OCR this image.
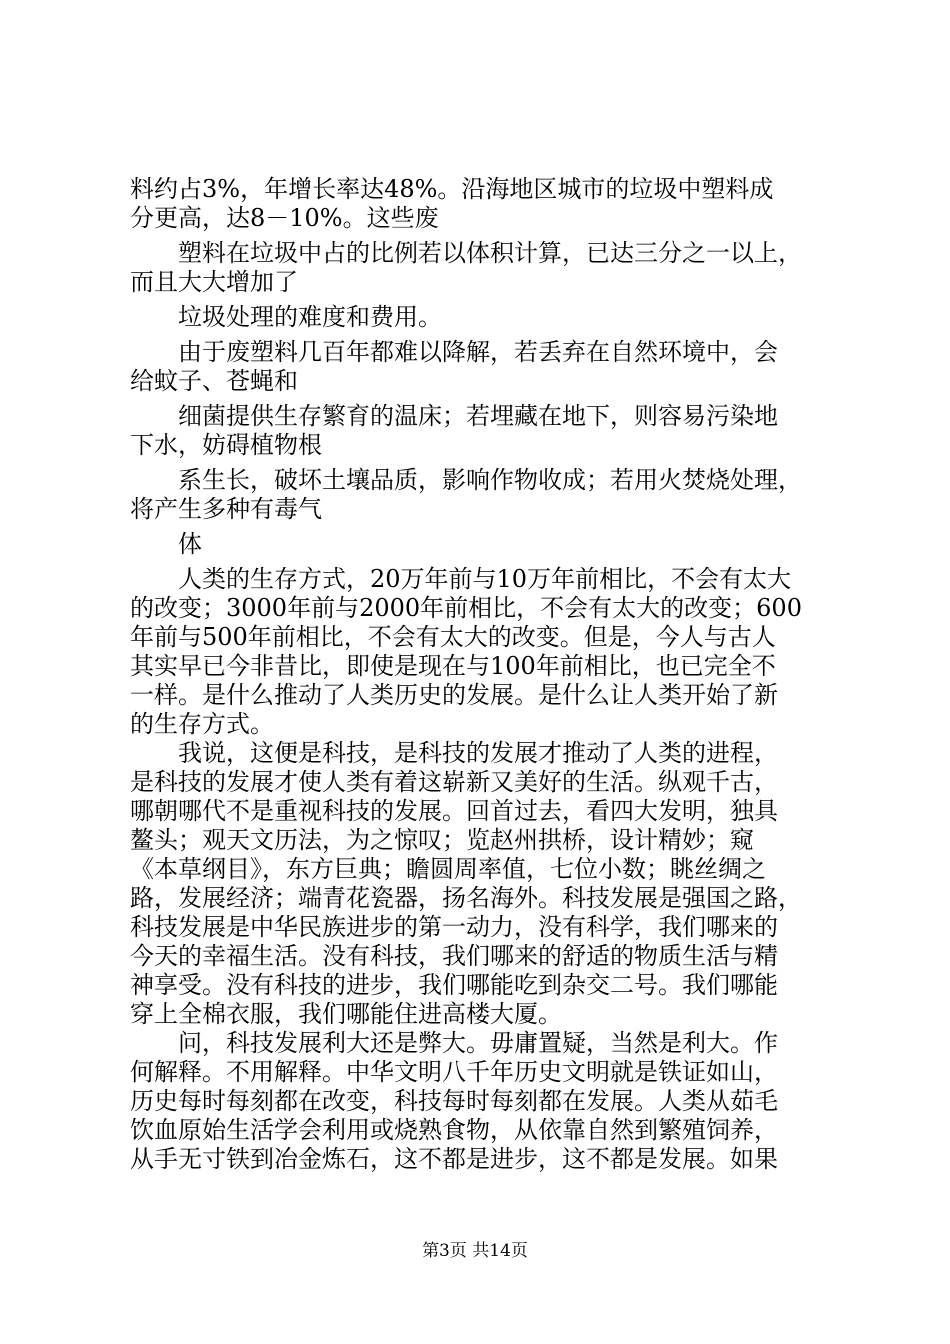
料约占3%，年增长率达48%。沿海地区城市的垃圾中塑料成
分更高，达8－10%。这些废
塑料在垃圾中占的比例若以体积计算，已达三分之一以上，
而且大大增加了
垃圾处理的难度和费用。
由于废塑料几百年都难以降解，若丢弃在自然环境中，会
给蚊子、苍蝇和
细菌提供生存繁育的温床；若埋藏在地下，则容易污染地
下水，妨碍植物根
系生长，破坏土壤品质，影响作物收成；若用火焚烧处理，
将产生多种有毒气
体
人类的生存方式，20万年前与10万年前相比，不会有太大
的改变；3000年前与2000年前相比，不会有太大的改变；600
年前与500年前相比，不会有太大的改变。但是，今人与古人
其实早已今非昔比，即使是现在与100年前相比，也已完全不
一样。是什么推动了人类历史的发展。是什么让人类开始了新
的生存方式。
我说，这便是科技，是科技的发展才推动了人类的进程，
是科技的发展才使人类有着这崭新又美好的生活。纵观千古，
哪朝哪代不是重视科技的发展。回首过去，看四大发明，独具
鳌头；观天文历法，为之惊叹；览赵州拱桥，设计精妙；窥
《本草纲目》，东方巨典；瞻圆周率值，七位小数；眺丝绸之
路，发展经济；端青花瓷器，扬名海外。科技发展是强国之路，
科技发展是中华民族进步的第一动力，没有科学，我们哪来的
今天的幸福生活。没有科技，我们哪来的舒适的物质生活与精
神享受。没有科技的进步，我们哪能吃到杂交二号。我们哪能
穿上全棉衣服，我们哪能住进高楼大厦。
问，科技发展利大还是弊大。毋庸置疑，当然是利大。作
何解释。不用解释。中华文明八千年历史文明就是铁证如山，
历史每时每刻都在改变，科技每时每刻都在发展。人类从茹毛
饮血原始生活学会利用或烧熟食物，从依靠自然到繁殖饲养，
从手无寸铁到冶金炼石，这不都是进步，这不都是发展。如果
第3页 共14页
